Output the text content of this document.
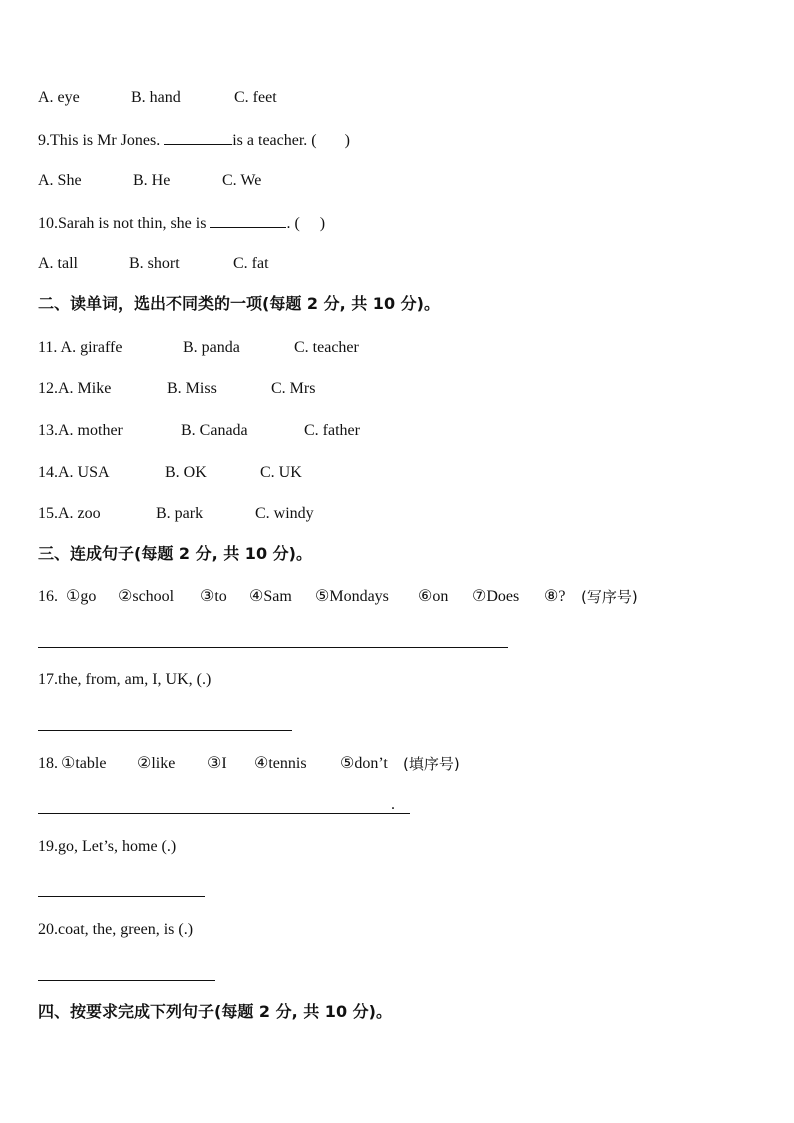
A. eye	B. hand	C. feet
9.This is Mr Jones.	is a teacher. ( )
A. She	B. He	C. We
10.Sarah is not thin, she is	. ( )
A. tall	B. short	C. fat
二、读单词，选出不同类的一项(每题 2 分, 共 10 分)。
11. A. giraffe	B. panda	C. teacher
12.A. Mike	B. Miss	C. Mrs
13.A. mother	B. Canada	C. father
14.A. USA	B. OK	C. UK
15.A. zoo	B. park	C. windy
三、连成句子(每题 2 分, 共 10 分)。
16. ①go ②school ③to ④Sam ⑤Mondays ⑥on ⑦Does ⑧? (写序号)
17.the, from, am, I, UK, (.)
18. ①table ②like ③I ④tennis ⑤don’t (填序号)
.
19.go, Let’s, home (.)
20.coat, the, green, is (.)
四、按要求完成下列句子(每题 2 分, 共 10 分)。
